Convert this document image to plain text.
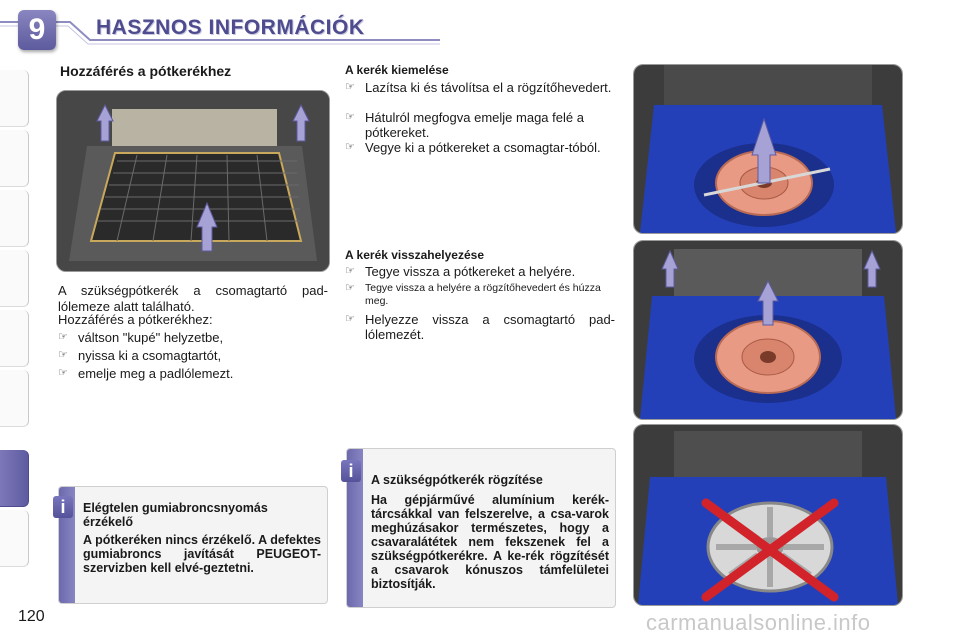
9	HASZNOS INFORMÁCIÓK
Hozzáférés a pótkerékhez
A szükségpótkerék a csomagtartó pad-lólemeze alatt található.
Hozzáférés a pótkerékhez:
☞ váltson "kupé" helyzetbe,
☞ nyissa ki a csomagtartót,
☞ emelje meg a padlólemezt.
A kerék kiemelése
☞ Lazítsa ki és távolítsa el a rögzítőhevedert.
☞ Hátulról megfogva emelje maga felé a pótkereket.
☞ Vegye ki a pótkereket a csomagtar-tóból.
A kerék visszahelyezése
☞ Tegye vissza a pótkereket a helyére.
☞ Tegye vissza a helyére a rögzítőhevedert és húzza meg.
☞ Helyezze vissza a csomagtartó pad-lólemezét.
Elégtelen gumiabroncsnyomás érzékelő
A pótkeréken nincs érzékelő. A defektes gumiabroncs javítását PEUGEOT-szervizben kell elvé-geztetni.
i
A szükségpótkerék rögzítése
Ha gépjárművé alumínium kerék-tárcsákkal van felszerelve, a csa-varok meghúzásakor természetes, hogy a csavaralátétek nem fekszenek fel a szükségpótkerékre. A ke-rék rögzítését a csavarok kónuszos támfelületei biztosítják.
i
120	carmanualsonline.info
